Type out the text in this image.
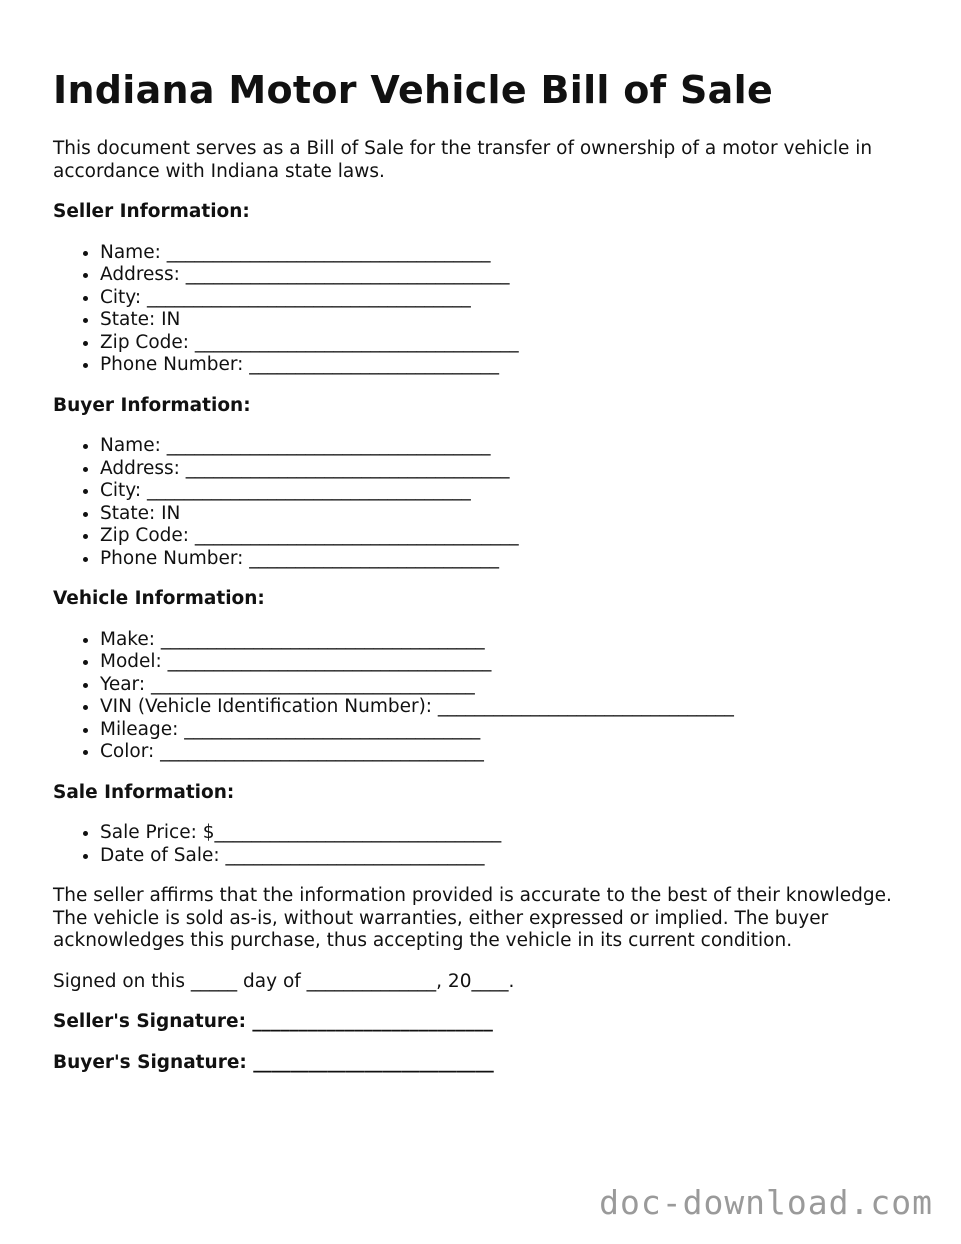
Indiana Motor Vehicle Bill of Sale

This document serves as a Bill of Sale for the transfer of ownership of a motor vehicle in accordance with Indiana state laws.

Seller Information:
• Name: ___________________________________
• Address: ___________________________________
• City: ___________________________________
• State: IN
• Zip Code: ___________________________________
• Phone Number: ___________________________
Buyer Information:
• Name: ___________________________________
• Address: ___________________________________
• City: ___________________________________
• State: IN
• Zip Code: ___________________________________
• Phone Number: ___________________________
Vehicle Information:
• Make: ___________________________________
• Model: ___________________________________
• Year: ___________________________________
• VIN (Vehicle Identification Number): ________________________________
• Mileage: ________________________________
• Color: ___________________________________
Sale Information:
• Sale Price: $_______________________________
• Date of Sale: ____________________________

The seller affirms that the information provided is accurate to the best of their knowledge. The vehicle is sold as-is, without warranties, either expressed or implied. The buyer acknowledges this purchase, thus accepting the vehicle in its current condition.

Signed on this _____ day of ______________, 20____.

Seller's Signature: __________________________
Buyer's Signature: __________________________
doc-download.com
